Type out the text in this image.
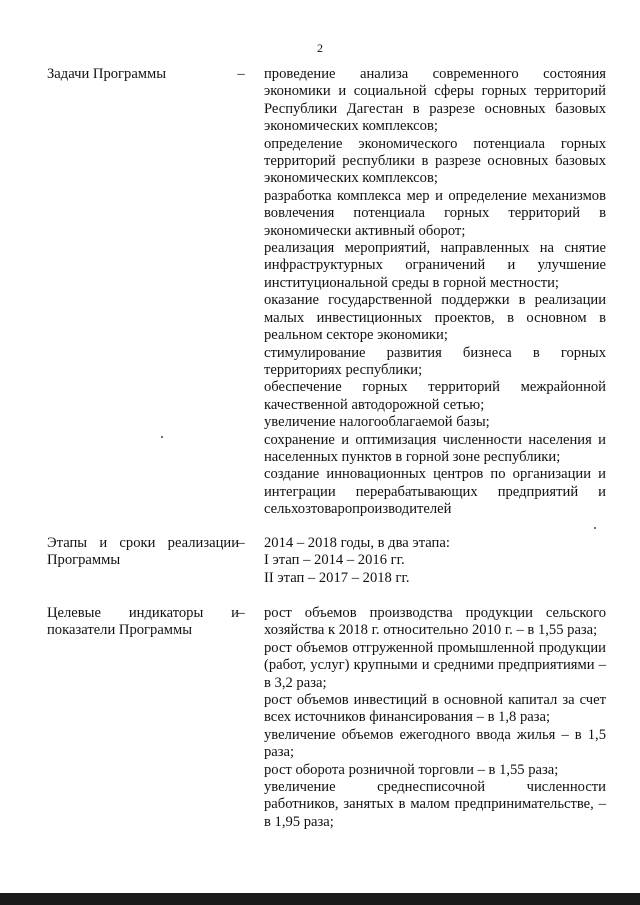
2
Задачи Программы	– проведение анализа современного состояния экономики и социальной сферы горных территорий Республики Дагестан в разрезе основных базовых экономических комплексов;
определение экономического потенциала горных территорий республики в разрезе основных базовых экономических комплексов;
разработка комплекса мер и определение механизмов вовлечения потенциала горных территорий в экономически активный оборот;
реализация мероприятий, направленных на снятие инфраструктурных ограничений и улучшение институциональной среды в горной местности;
оказание государственной поддержки в реализации малых инвестиционных проектов, в основном в реальном секторе экономики;
стимулирование развития бизнеса в горных территориях республики;
обеспечение горных территорий межрайонной качественной автодорожной сетью;
увеличение налогооблагаемой базы;
сохранение и оптимизация численности населения и населенных пунктов в горной зоне республики;
создание инновационных центров по организации и интеграции перерабатывающих предприятий и сельхозтоваропроизводителей
Этапы и сроки реализации Программы
– 2014 – 2018 годы, в два этапа:
I этап – 2014 – 2016 гг.
II этап – 2017 – 2018 гг.
Целевые индикаторы и показатели Программы
– рост объемов производства продукции сельского хозяйства к 2018 г. относительно 2010 г. – в 1,55 раза;
рост объемов отгруженной промышленной продукции (работ, услуг) крупными и средними предприятиями – в 3,2 раза;
рост объемов инвестиций в основной капитал за счет всех источников финансирования – в 1,8 раза;
увеличение объемов ежегодного ввода жилья – в 1,5 раза;
рост оборота розничной торговли – в 1,55 раза;
увеличение среднесписочной численности работников, занятых в малом предпринимательстве, – в 1,95 раза;
